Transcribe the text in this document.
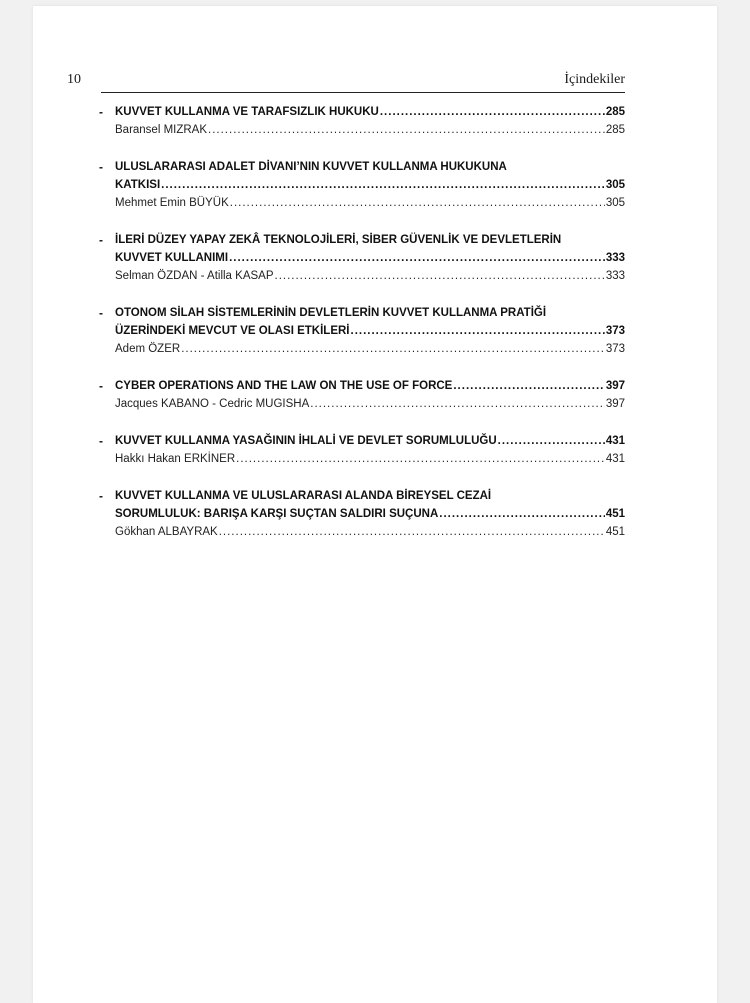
10	İçindekiler
- KUVVET KULLANMA VE TARAFSIZLIK HUKUKU .....	285
Baransel MIZRAK .....	285
- ULUSLARARASI ADALET DİVANI’NIN KUVVET KULLANMA HUKUKUNA
KATKISI .....	305
Mehmet Emin BÜYÜK .....	305
- İLERİ DÜZEY YAPAY ZEKÂ TEKNOLOJİLERİ, SİBER GÜVENLİK VE DEVLETLERİN
KUVVET KULLANIMI .....	333
Selman ÖZDAN - Atilla KASAP .....	333
- OTONOM SİLAH SİSTEMLERİNİN DEVLETLERİN KUVVET KULLANMA PRATİĞİ
ÜZERİNDEKİ MEVCUT VE OLASI ETKİLERİ .....	373
Adem ÖZER .....	373
- CYBER OPERATIONS AND THE LAW ON THE USE OF FORCE .....	397
Jacques KABANO - Cedric MUGISHA .....	397
- KUVVET KULLANMA YASAĞININ İHLALİ VE DEVLET SORUMLULUĞU .....	431
Hakkı Hakan ERKİNER .....	431
- KUVVET KULLANMA VE ULUSLARARASI ALANDA BİREYSEL CEZAİ
SORUMLULUK: BARIŞA KARŞI SUÇTAN SALDIRI SUÇUNA .....	451
Gökhan ALBAYRAK .....	451
